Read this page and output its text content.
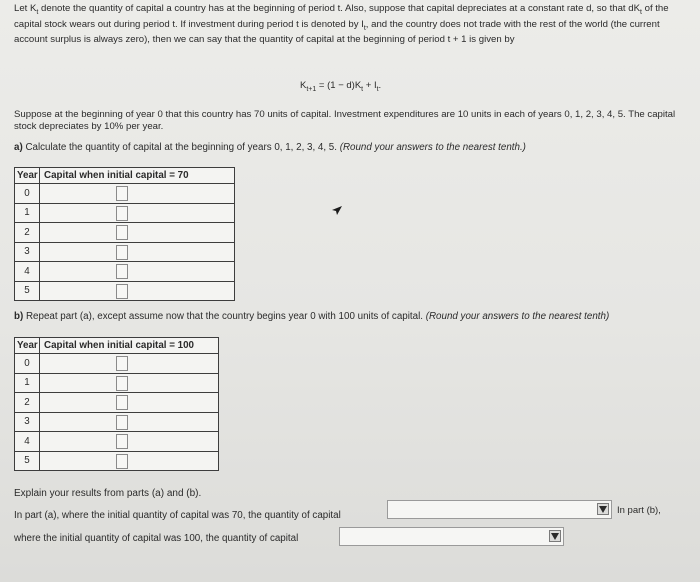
Let $K_t$ denote the quantity of capital a country has at the beginning of period t. Also, suppose that capital depreciates at a constant rate d, so that $dK_t$ of the capital stock wears out during period t. If investment during period t is denoted by $I_t$, and the country does not trade with the rest of the world (the current account surplus is always zero), then we can say that the quantity of capital at the beginning of period t + 1 is given by
$K_{t+1} = (1 - d)K_t + I_t$.
Suppose at the beginning of year 0 that this country has 70 units of capital. Investment expenditures are 10 units in each of years 0, 1, 2, 3, 4, 5. The capital stock depreciates by 10% per year.
a) Calculate the quantity of capital at the beginning of years 0, 1, 2, 3, 4, 5. (Round your answers to the nearest tenth.)
Year	Capital when initial capital = 70
0	

1	

2	

3	

4	

5	
b) Repeat part (a), except assume now that the country begins year 0 with 100 units of capital. (Round your answers to the nearest tenth)
Year	Capital when initial capital = 100
0	

1	

2	

3	

4	

5	
Explain your results from parts (a) and (b).
In part (a), where the initial quantity of capital was 70, the quantity of capital	In part (b),
where the initial quantity of capital was 100, the quantity of capital
